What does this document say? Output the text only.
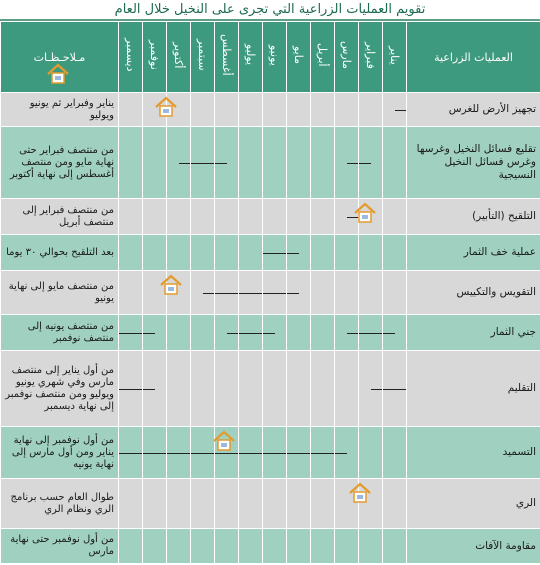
تقويم العمليات الزراعية التي تجرى على النخيل خلال العام
مـلاحـظـات	ديسمبر	نوفمبر	أكتوبر	سبتمبر	أغسطس	يوليو	يونيو	مايو	أبريل	مارس	فبراير	يناير	العمليات الزراعية
يناير وفبراير ثم يونيو ويوليو													تجهيز الأرض للغرس
من منتصف فبراير حتى نهاية مايو ومن منتصف أغسطس إلى نهاية أكتوبر													تقليع فسائل النخيل وغرسها وغرس فسائل النخيل النسيجية
من منتصف فبراير إلى منتصف أبريل													التلقيح (التأبير)
بعد التلقيح بحوالي ٣٠ يوما													عملية خف الثمار
من منتصف مايو إلى نهاية يونيو													التقويس والتكييس
من منتصف يونيه إلى منتصف نوفمبر													جني الثمار
من أول يناير إلى منتصف مارس وفي شهري يونيو ويوليو ومن منتصف نوفمبر إلى نهاية ديسمبر													التقليم
من أول نوفمبر إلى نهاية يناير ومن أول مارس إلى نهاية يونيه													التسميد
طوال العام حسب برنامج الري ونظام الري													الري
من أول نوفمبر حتى نهاية مارس													مقاومة الآفات
